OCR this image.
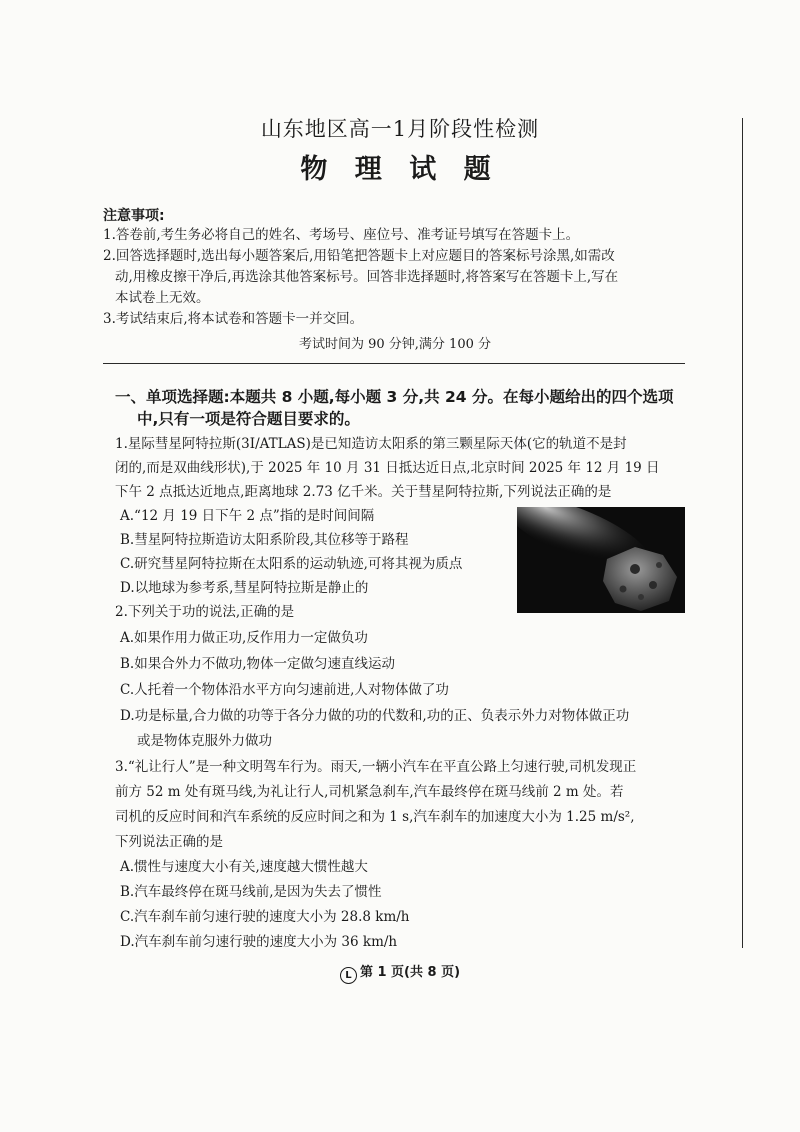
山东地区高一1月阶段性检测
物 理 试 题
注意事项:
1.答卷前,考生务必将自己的姓名、考场号、座位号、准考证号填写在答题卡上。
2.回答选择题时,选出每小题答案后,用铅笔把答题卡上对应题目的答案标号涂黑,如需改
动,用橡皮擦干净后,再选涂其他答案标号。回答非选择题时,将答案写在答题卡上,写在
本试卷上无效。
3.考试结束后,将本试卷和答题卡一并交回。
考试时间为 90 分钟,满分 100 分
一、单项选择题:本题共 8 小题,每小题 3 分,共 24 分。在每小题给出的四个选项
中,只有一项是符合题目要求的。
1.星际彗星阿特拉斯(3I/ATLAS)是已知造访太阳系的第三颗星际天体(它的轨道不是封
闭的,而是双曲线形状),于 2025 年 10 月 31 日抵达近日点,北京时间 2025 年 12 月 19 日
下午 2 点抵达近地点,距离地球 2.73 亿千米。关于彗星阿特拉斯,下列说法正确的是
A.“12 月 19 日下午 2 点”指的是时间间隔
B.彗星阿特拉斯造访太阳系阶段,其位移等于路程
C.研究彗星阿特拉斯在太阳系的运动轨迹,可将其视为质点
D.以地球为参考系,彗星阿特拉斯是静止的
2.下列关于功的说法,正确的是
A.如果作用力做正功,反作用力一定做负功
B.如果合外力不做功,物体一定做匀速直线运动
C.人托着一个物体沿水平方向匀速前进,人对物体做了功
D.功是标量,合力做的功等于各分力做的功的代数和,功的正、负表示外力对物体做正功
或是物体克服外力做功
3.“礼让行人”是一种文明驾车行为。雨天,一辆小汽车在平直公路上匀速行驶,司机发现正
前方 52 m 处有斑马线,为礼让行人,司机紧急刹车,汽车最终停在斑马线前 2 m 处。若
司机的反应时间和汽车系统的反应时间之和为 1 s,汽车刹车的加速度大小为 1.25 m/s²,
下列说法正确的是
A.惯性与速度大小有关,速度越大惯性越大
B.汽车最终停在斑马线前,是因为失去了惯性
C.汽车刹车前匀速行驶的速度大小为 28.8 km/h
D.汽车刹车前匀速行驶的速度大小为 36 km/h
L 第 1 页(共 8 页)
